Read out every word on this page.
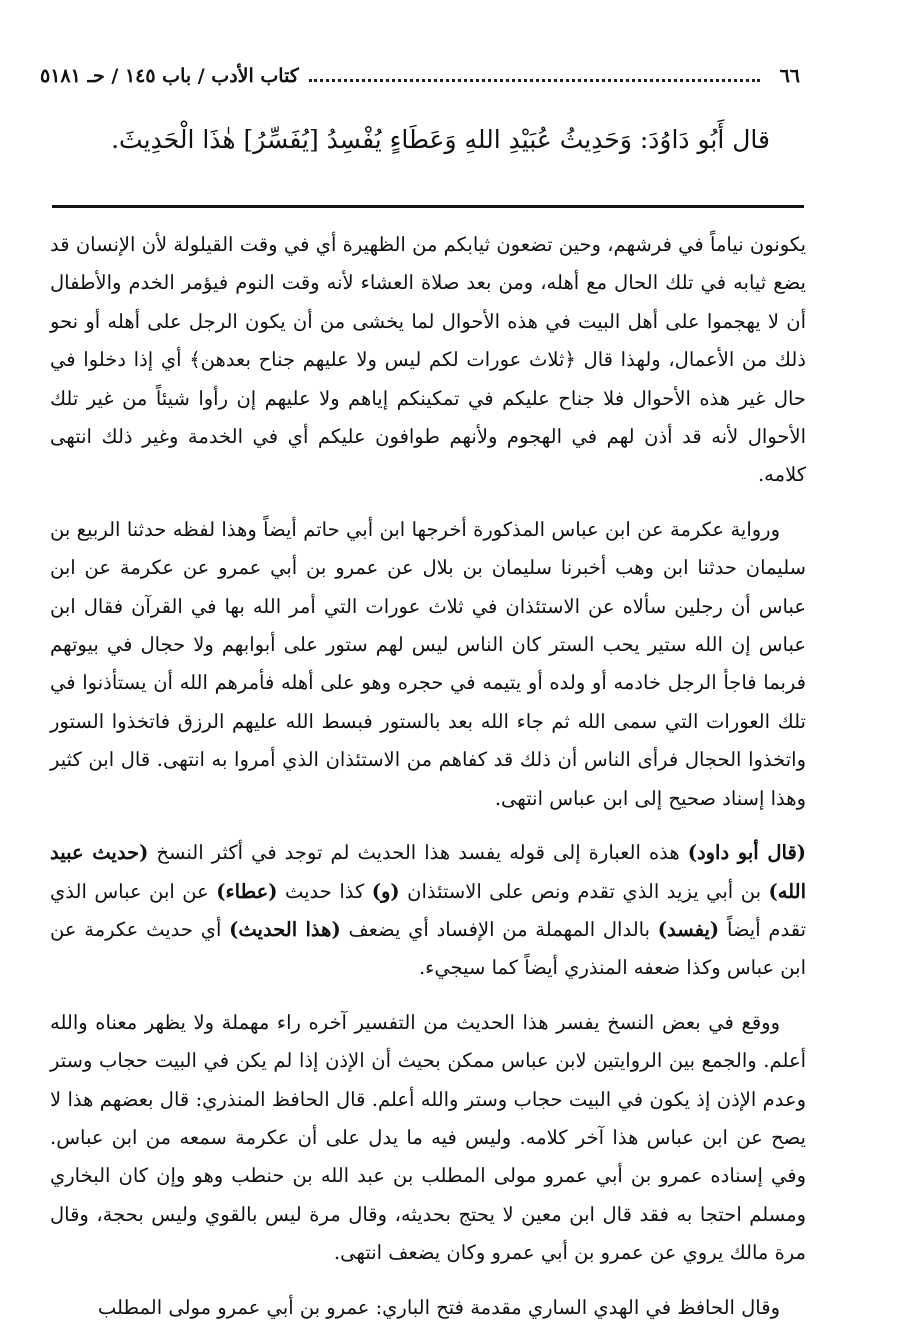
٦٦
كتاب الأدب / باب ١٤٥ / حـ ٥١٨١
قال أَبُو دَاوُدَ: وَحَدِيثُ عُبَيْدِ اللهِ وَعَطَاءٍ يُفْسِدُ [يُفَسِّرُ] هٰذَا الْحَدِيثَ.

يكونون نياماً في فرشهم، وحين تضعون ثيابكم من الظهيرة أي في وقت القيلولة لأن الإنسان قد يضع ثيابه في تلك الحال مع أهله، ومن بعد صلاة العشاء لأنه وقت النوم فيؤمر الخدم والأطفال أن لا يهجموا على أهل البيت في هذه الأحوال لما يخشى من أن يكون الرجل على أهله أو نحو ذلك من الأعمال، ولهذا قال ﴿ثلاث عورات لكم ليس ولا عليهم جناح بعدهن﴾ أي إذا دخلوا في حال غير هذه الأحوال فلا جناح عليكم في تمكينكم إياهم ولا عليهم إن رأوا شيئاً من غير تلك الأحوال لأنه قد أذن لهم في الهجوم ولأنهم طوافون عليكم أي في الخدمة وغير ذلك انتهى كلامه.

ورواية عكرمة عن ابن عباس المذكورة أخرجها ابن أبي حاتم أيضاً وهذا لفظه حدثنا الربيع بن سليمان حدثنا ابن وهب أخبرنا سليمان بن بلال عن عمرو بن أبي عمرو عن عكرمة عن ابن عباس أن رجلين سألاه عن الاستئذان في ثلاث عورات التي أمر الله بها في القرآن فقال ابن عباس إن الله ستير يحب الستر كان الناس ليس لهم ستور على أبوابهم ولا حجال في بيوتهم فربما فاجأ الرجل خادمه أو ولده أو يتيمه في حجره وهو على أهله فأمرهم الله أن يستأذنوا في تلك العورات التي سمى الله ثم جاء الله بعد بالستور فبسط الله عليهم الرزق فاتخذوا الستور واتخذوا الحجال فرأى الناس أن ذلك قد كفاهم من الاستئذان الذي أمروا به انتهى. قال ابن كثير وهذا إسناد صحيح إلى ابن عباس انتهى.

(قال أبو داود) هذه العبارة إلى قوله يفسد هذا الحديث لم توجد في أكثر النسخ (حديث عبيد الله) بن أبي يزيد الذي تقدم ونص على الاستئذان (و) كذا حديث (عطاء) عن ابن عباس الذي تقدم أيضاً (يفسد) بالدال المهملة من الإفساد أي يضعف (هذا الحديث) أي حديث عكرمة عن ابن عباس وكذا ضعفه المنذري أيضاً كما سيجيء.

ووقع في بعض النسخ يفسر هذا الحديث من التفسير آخره راء مهملة ولا يظهر معناه والله أعلم. والجمع بين الروايتين لابن عباس ممكن بحيث أن الإذن إذا لم يكن في البيت حجاب وستر وعدم الإذن إذ يكون في البيت حجاب وستر والله أعلم. قال الحافظ المنذري: قال بعضهم هذا لا يصح عن ابن عباس هذا آخر كلامه. وليس فيه ما يدل على أن عكرمة سمعه من ابن عباس. وفي إسناده عمرو بن أبي عمرو مولى المطلب بن عبد الله بن حنطب وهو وإن كان البخاري ومسلم احتجا به فقد قال ابن معين لا يحتج بحديثه، وقال مرة ليس بالقوي وليس بحجة، وقال مرة مالك يروي عن عمرو بن أبي عمرو وكان يضعف انتهى.

وقال الحافظ في الهدي الساري مقدمة فتح الباري: عمرو بن أبي عمرو مولى المطلب
